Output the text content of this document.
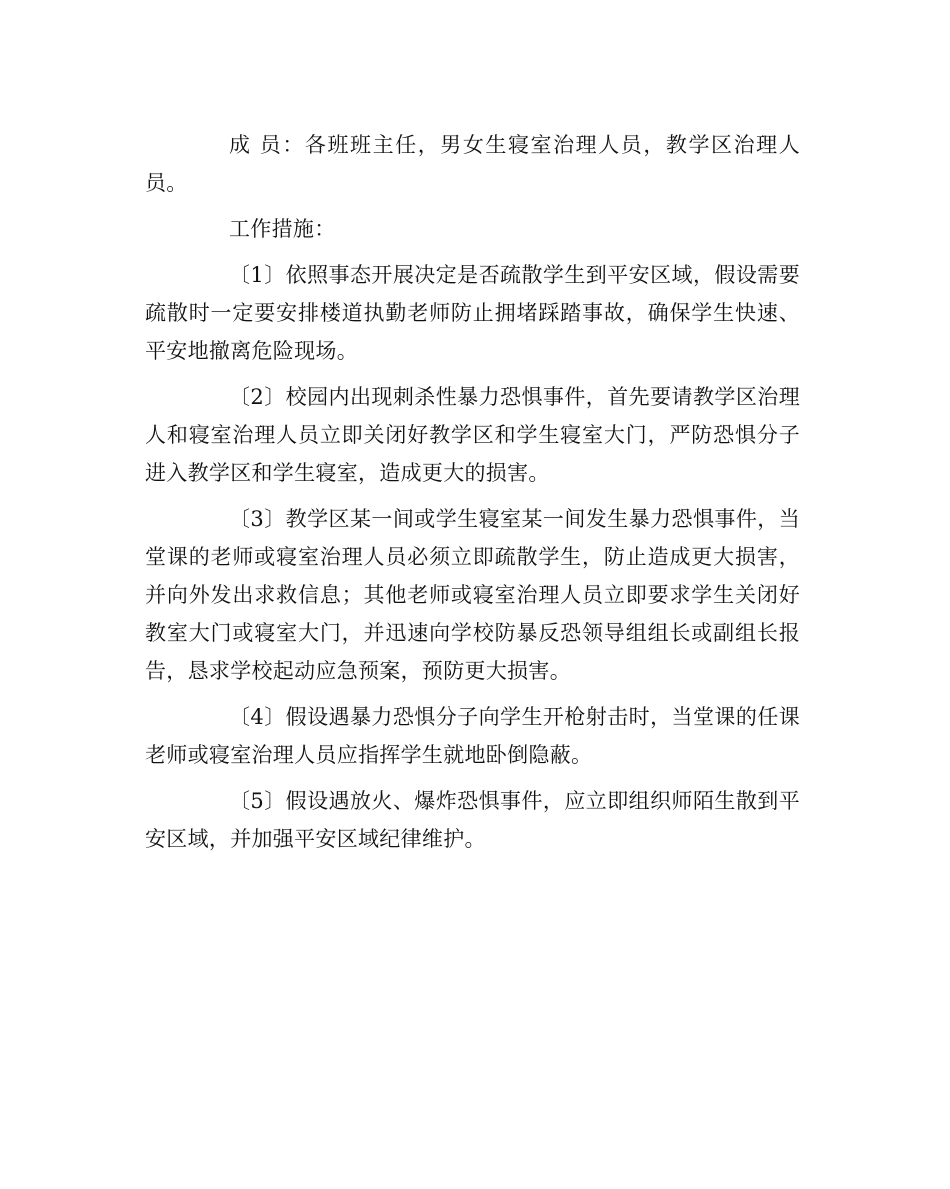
成 员：各班班主任，男女生寝室治理人员，教学区治理人员。

工作措施：

〔1〕依照事态开展决定是否疏散学生到平安区域，假设需要疏散时一定要安排楼道执勤老师防止拥堵踩踏事故，确保学生快速、平安地撤离危险现场。

〔2〕校园内出现刺杀性暴力恐惧事件，首先要请教学区治理人和寝室治理人员立即关闭好教学区和学生寝室大门，严防恐惧分子进入教学区和学生寝室，造成更大的损害。

〔3〕教学区某一间或学生寝室某一间发生暴力恐惧事件，当堂课的老师或寝室治理人员必须立即疏散学生，防止造成更大损害，并向外发出求救信息；其他老师或寝室治理人员立即要求学生关闭好教室大门或寝室大门，并迅速向学校防暴反恐领导组组长或副组长报告，恳求学校起动应急预案，预防更大损害。

〔4〕假设遇暴力恐惧分子向学生开枪射击时，当堂课的任课老师或寝室治理人员应指挥学生就地卧倒隐蔽。

〔5〕假设遇放火、爆炸恐惧事件，应立即组织师陌生散到平安区域，并加强平安区域纪律维护。
